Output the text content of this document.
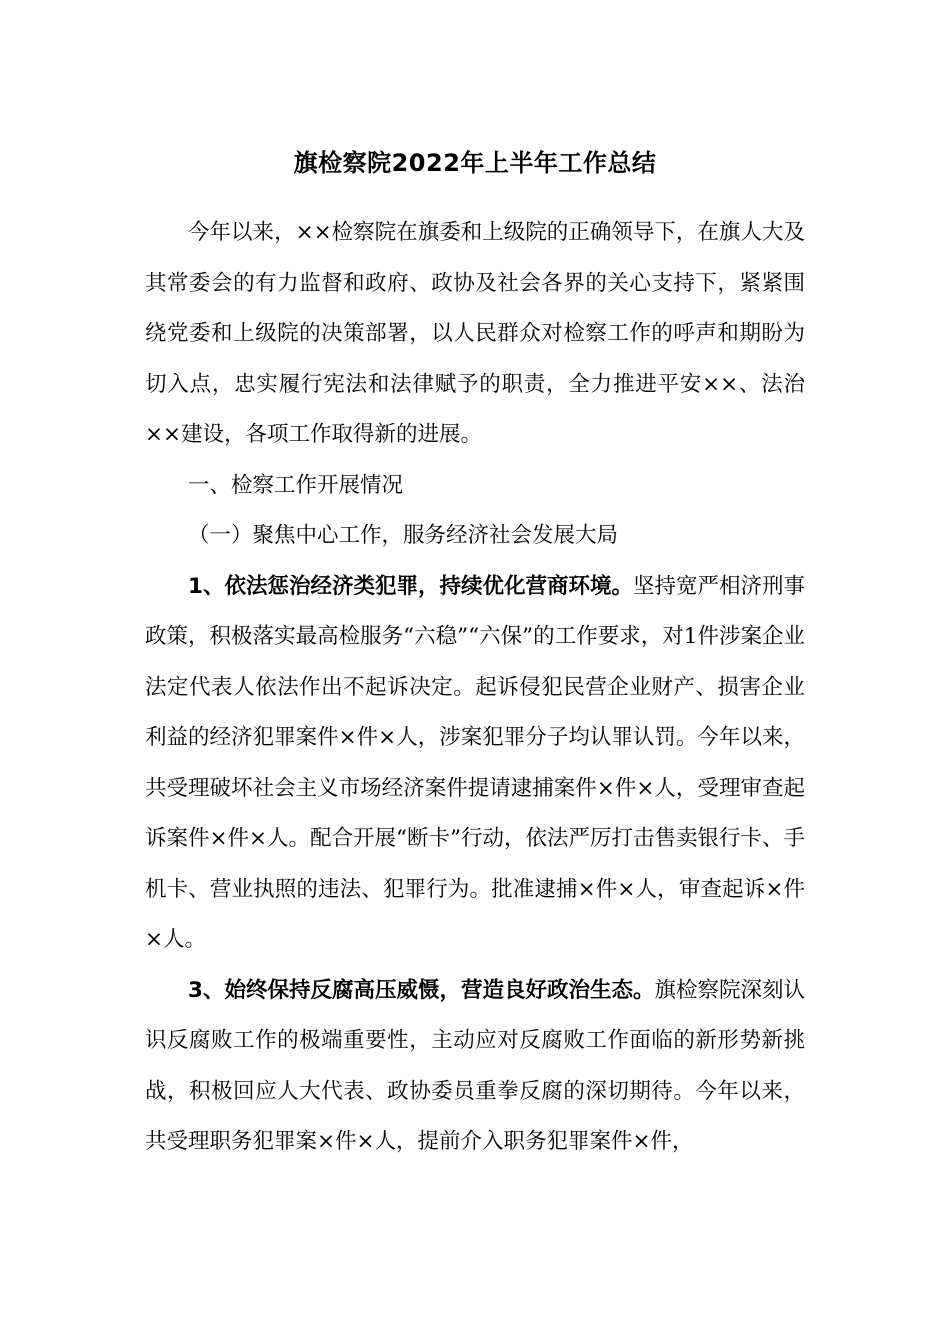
旗检察院2022年上半年工作总结

今年以来，××检察院在旗委和上级院的正确领导下，在旗人大及其常委会的有力监督和政府、政协及社会各界的关心支持下，紧紧围绕党委和上级院的决策部署，以人民群众对检察工作的呼声和期盼为切入点，忠实履行宪法和法律赋予的职责，全力推进平安××、法治××建设，各项工作取得新的进展。

一、检察工作开展情况

（一）聚焦中心工作，服务经济社会发展大局

1、依法惩治经济类犯罪，持续优化营商环境。坚持宽严相济刑事政策，积极落实最高检服务“六稳”“六保”的工作要求，对1件涉案企业法定代表人依法作出不起诉决定。起诉侵犯民营企业财产、损害企业利益的经济犯罪案件×件×人，涉案犯罪分子均认罪认罚。今年以来，共受理破坏社会主义市场经济案件提请逮捕案件×件×人，受理审查起诉案件×件×人。配合开展“断卡”行动，依法严厉打击售卖银行卡、手机卡、营业执照的违法、犯罪行为。批准逮捕×件×人，审查起诉×件×人。

3、始终保持反腐高压威慑，营造良好政治生态。旗检察院深刻认识反腐败工作的极端重要性，主动应对反腐败工作面临的新形势新挑战，积极回应人大代表、政协委员重拳反腐的深切期待。今年以来，共受理职务犯罪案×件×人，提前介入职务犯罪案件×件，
